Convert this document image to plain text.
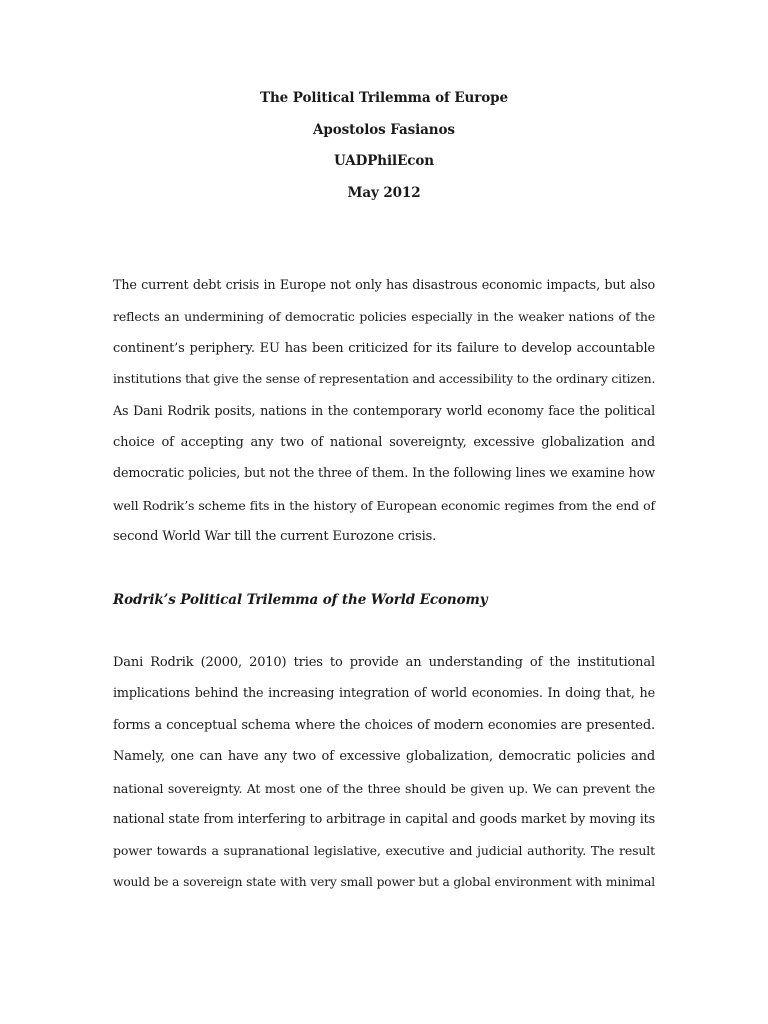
The Political Trilemma of Europe
Apostolos Fasianos
UADPhilEcon
May 2012
The current debt crisis in Europe not only has disastrous economic impacts, but also
reflects an undermining of democratic policies especially in the weaker nations of the
continent’s periphery. EU has been criticized for its failure to develop accountable
institutions that give the sense of representation and accessibility to the ordinary citizen.
As Dani Rodrik posits, nations in the contemporary world economy face the political
choice of accepting any two of national sovereignty, excessive globalization and
democratic policies, but not the three of them. In the following lines we examine how
well Rodrik’s scheme fits in the history of European economic regimes from the end of
second World War till the current Eurozone crisis.
Rodrik’s Political Trilemma of the World Economy
Dani Rodrik (2000, 2010) tries to provide an understanding of the institutional
implications behind the increasing integration of world economies. In doing that, he
forms a conceptual schema where the choices of modern economies are presented.
Namely, one can have any two of excessive globalization, democratic policies and
national sovereignty. At most one of the three should be given up. We can prevent the
national state from interfering to arbitrage in capital and goods market by moving its
power towards a supranational legislative, executive and judicial authority. The result
would be a sovereign state with very small power but a global environment with minimal
